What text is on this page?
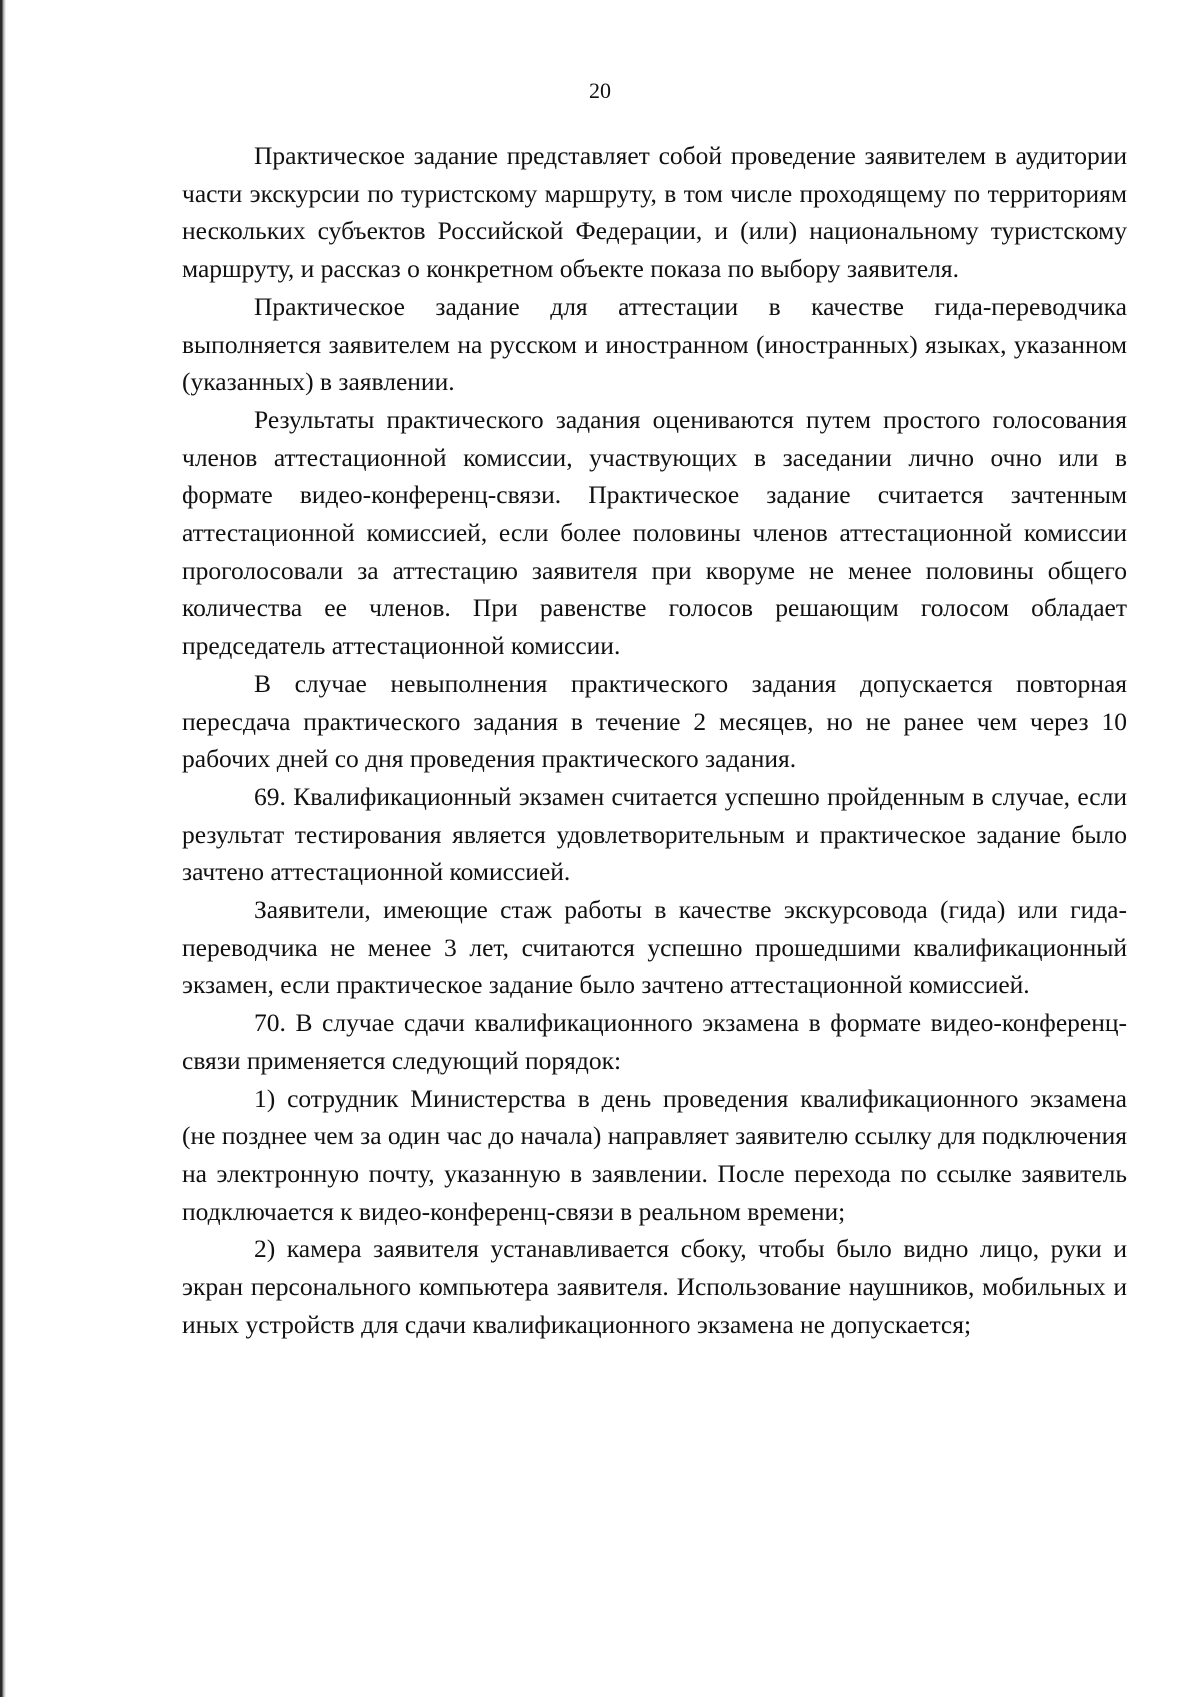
20

Практическое задание представляет собой проведение заявителем в аудитории части экскурсии по туристскому маршруту, в том числе проходящему по территориям нескольких субъектов Российской Федерации, и (или) национальному туристскому маршруту, и рассказ о конкретном объекте показа по выбору заявителя.

Практическое задание для аттестации в качестве гида-переводчика выполняется заявителем на русском и иностранном (иностранных) языках, указанном (указанных) в заявлении.

Результаты практического задания оцениваются путем простого голосования членов аттестационной комиссии, участвующих в заседании лично очно или в формате видео-конференц-связи. Практическое задание считается зачтенным аттестационной комиссией, если более половины членов аттестационной комиссии проголосовали за аттестацию заявителя при кворуме не менее половины общего количества ее членов. При равенстве голосов решающим голосом обладает председатель аттестационной комиссии.

В случае невыполнения практического задания допускается повторная пересдача практического задания в течение 2 месяцев, но не ранее чем через 10 рабочих дней со дня проведения практического задания.

69. Квалификационный экзамен считается успешно пройденным в случае, если результат тестирования является удовлетворительным и практическое задание было зачтено аттестационной комиссией.

Заявители, имеющие стаж работы в качестве экскурсовода (гида) или гида-переводчика не менее 3 лет, считаются успешно прошедшими квалификационный экзамен, если практическое задание было зачтено аттестационной комиссией.

70. В случае сдачи квалификационного экзамена в формате видео-конференц-связи применяется следующий порядок:

1) сотрудник Министерства в день проведения квалификационного экзамена (не позднее чем за один час до начала) направляет заявителю ссылку для подключения на электронную почту, указанную в заявлении. После перехода по ссылке заявитель подключается к видео-конференц-связи в реальном времени;

2) камера заявителя устанавливается сбоку, чтобы было видно лицо, руки и экран персонального компьютера заявителя. Использование наушников, мобильных и иных устройств для сдачи квалификационного экзамена не допускается;
